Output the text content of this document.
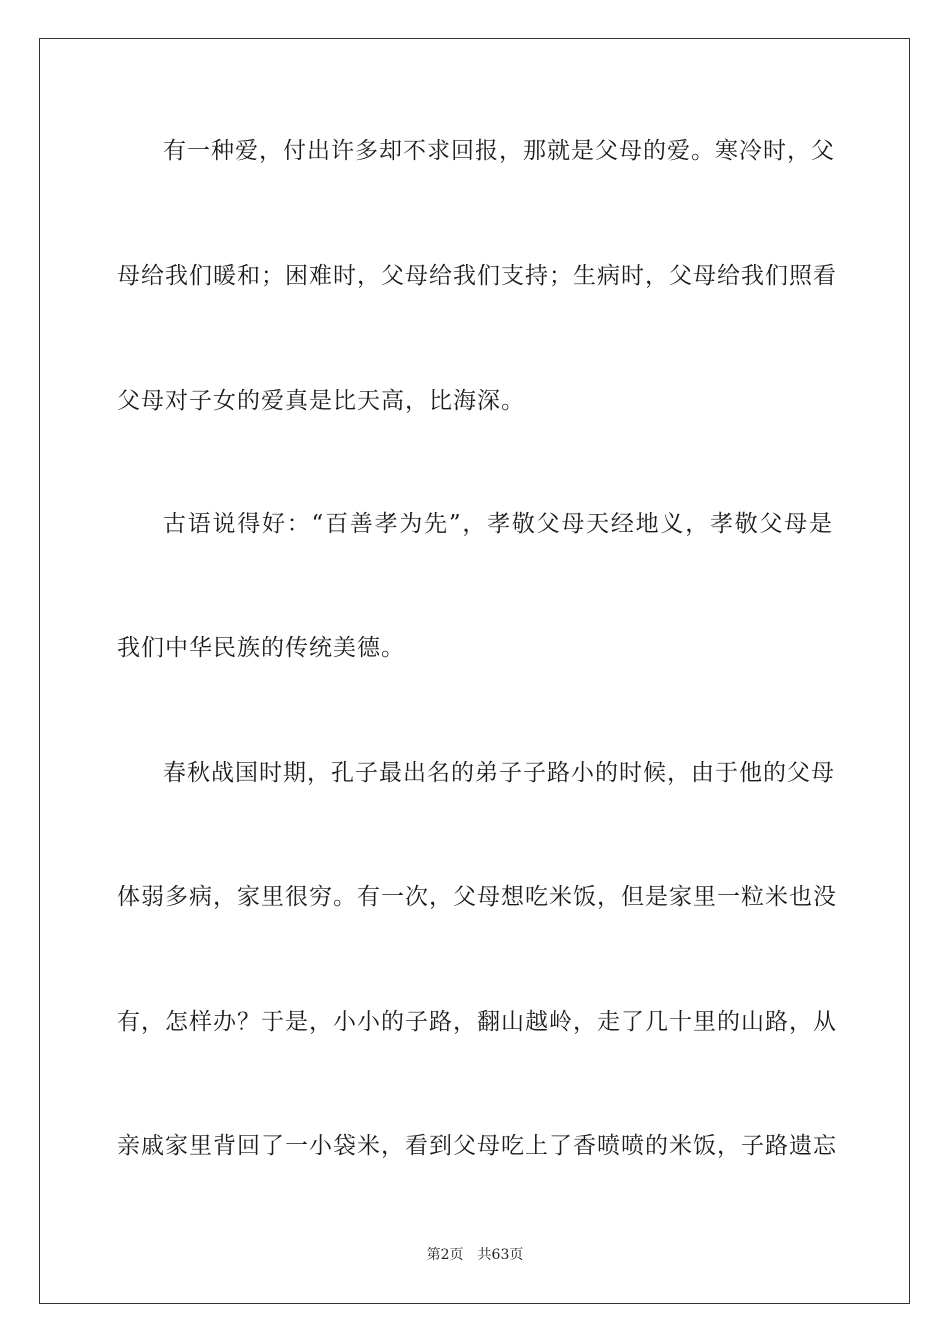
有一种爱，付出许多却不求回报，那就是父母的爱。寒冷时，父
母给我们暖和；困难时，父母给我们支持；生病时，父母给我们照看
父母对子女的爱真是比天高，比海深。
古语说得好：“百善孝为先”，孝敬父母天经地义，孝敬父母是
我们中华民族的传统美德。
春秋战国时期，孔子最出名的弟子子路小的时候，由于他的父母
体弱多病，家里很穷。有一次，父母想吃米饭，但是家里一粒米也没
有，怎样办？于是，小小的子路，翻山越岭，走了几十里的山路，从
亲戚家里背回了一小袋米，看到父母吃上了香喷喷的米饭，子路遗忘
第2页 共63页
